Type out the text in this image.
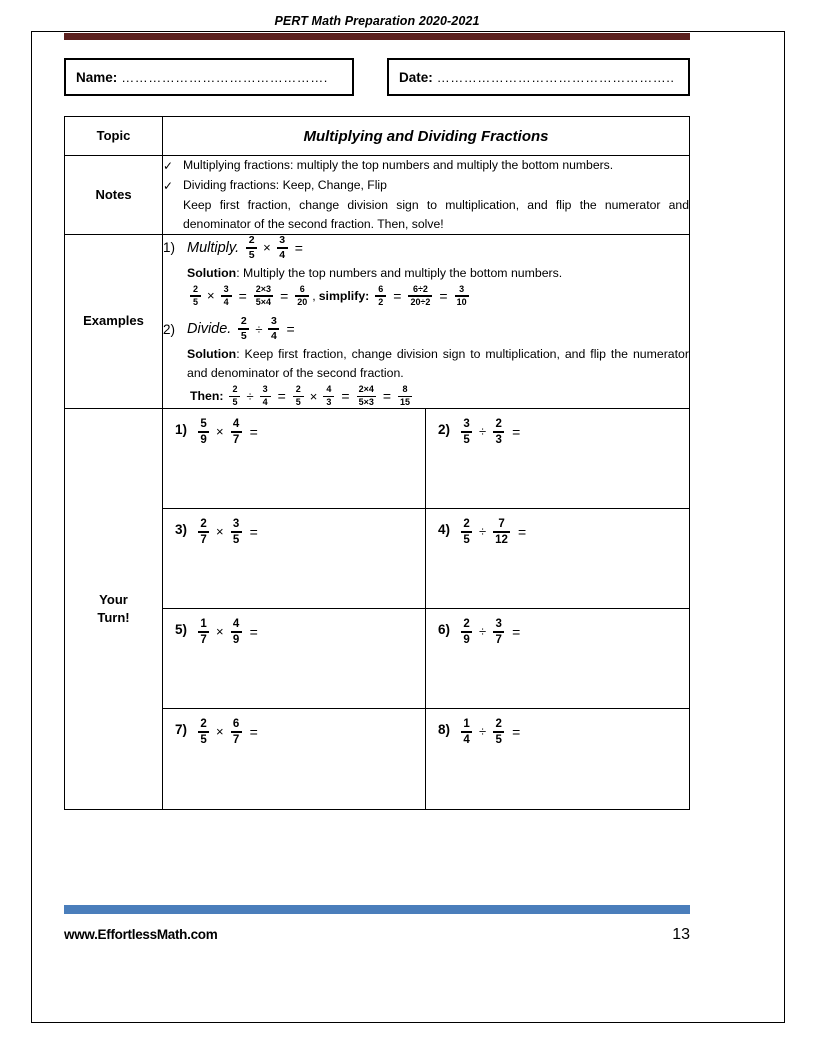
PERT Math Preparation 2020-2021
Name: ……………………………………….	Date: ……………………………………………..
Topic	Multiplying and Dividing Fractions
Notes	✓ Multiplying fractions: multiply the top numbers and multiply the bottom numbers.
✓ Dividing fractions: Keep, Change, Flip
Keep first fraction, change division sign to multiplication, and flip the numerator and denominator of the second fraction. Then, solve!

Examples	
1) Multiply. $\frac{2}{5} \times \frac{3}{4}$ =
Solution: Multiply the top numbers and multiply the bottom numbers.
$\frac{2}{5} \times \frac{3}{4} = \frac{2\times 3}{5\times 4} = \frac{6}{20}$ , simplify: $\frac{6}{2} = \frac{6\div 2}{20\div 2} = \frac{3}{10}$
2) Divide. $\frac{2}{5} \div \frac{3}{4}$ =
Solution: Keep first fraction, change division sign to multiplication, and flip the numerator and denominator of the second fraction.
Then: $\frac{2}{5} \div \frac{3}{4} = \frac{2}{5} \times \frac{4}{3} = \frac{2\times 4}{5\times 3} = \frac{8}{15}$

Your
Turn!

$1) \frac{5}{9} \times \frac{4}{7}$ =	$2) \frac{3}{5} \div \frac{2}{3}$ =
$3) \frac{2}{7} \times \frac{3}{5}$ =	$4) \frac{2}{5} \div \frac{7}{12}$ =
$5) \frac{1}{7} \times \frac{4}{9}$ =	$6) \frac{2}{9} \div \frac{3}{7}$ =
$7) \frac{2}{5} \times \frac{6}{7}$ =	$8) \frac{1}{4} \div \frac{2}{5}$ =
www.EffortlessMath.com	13
